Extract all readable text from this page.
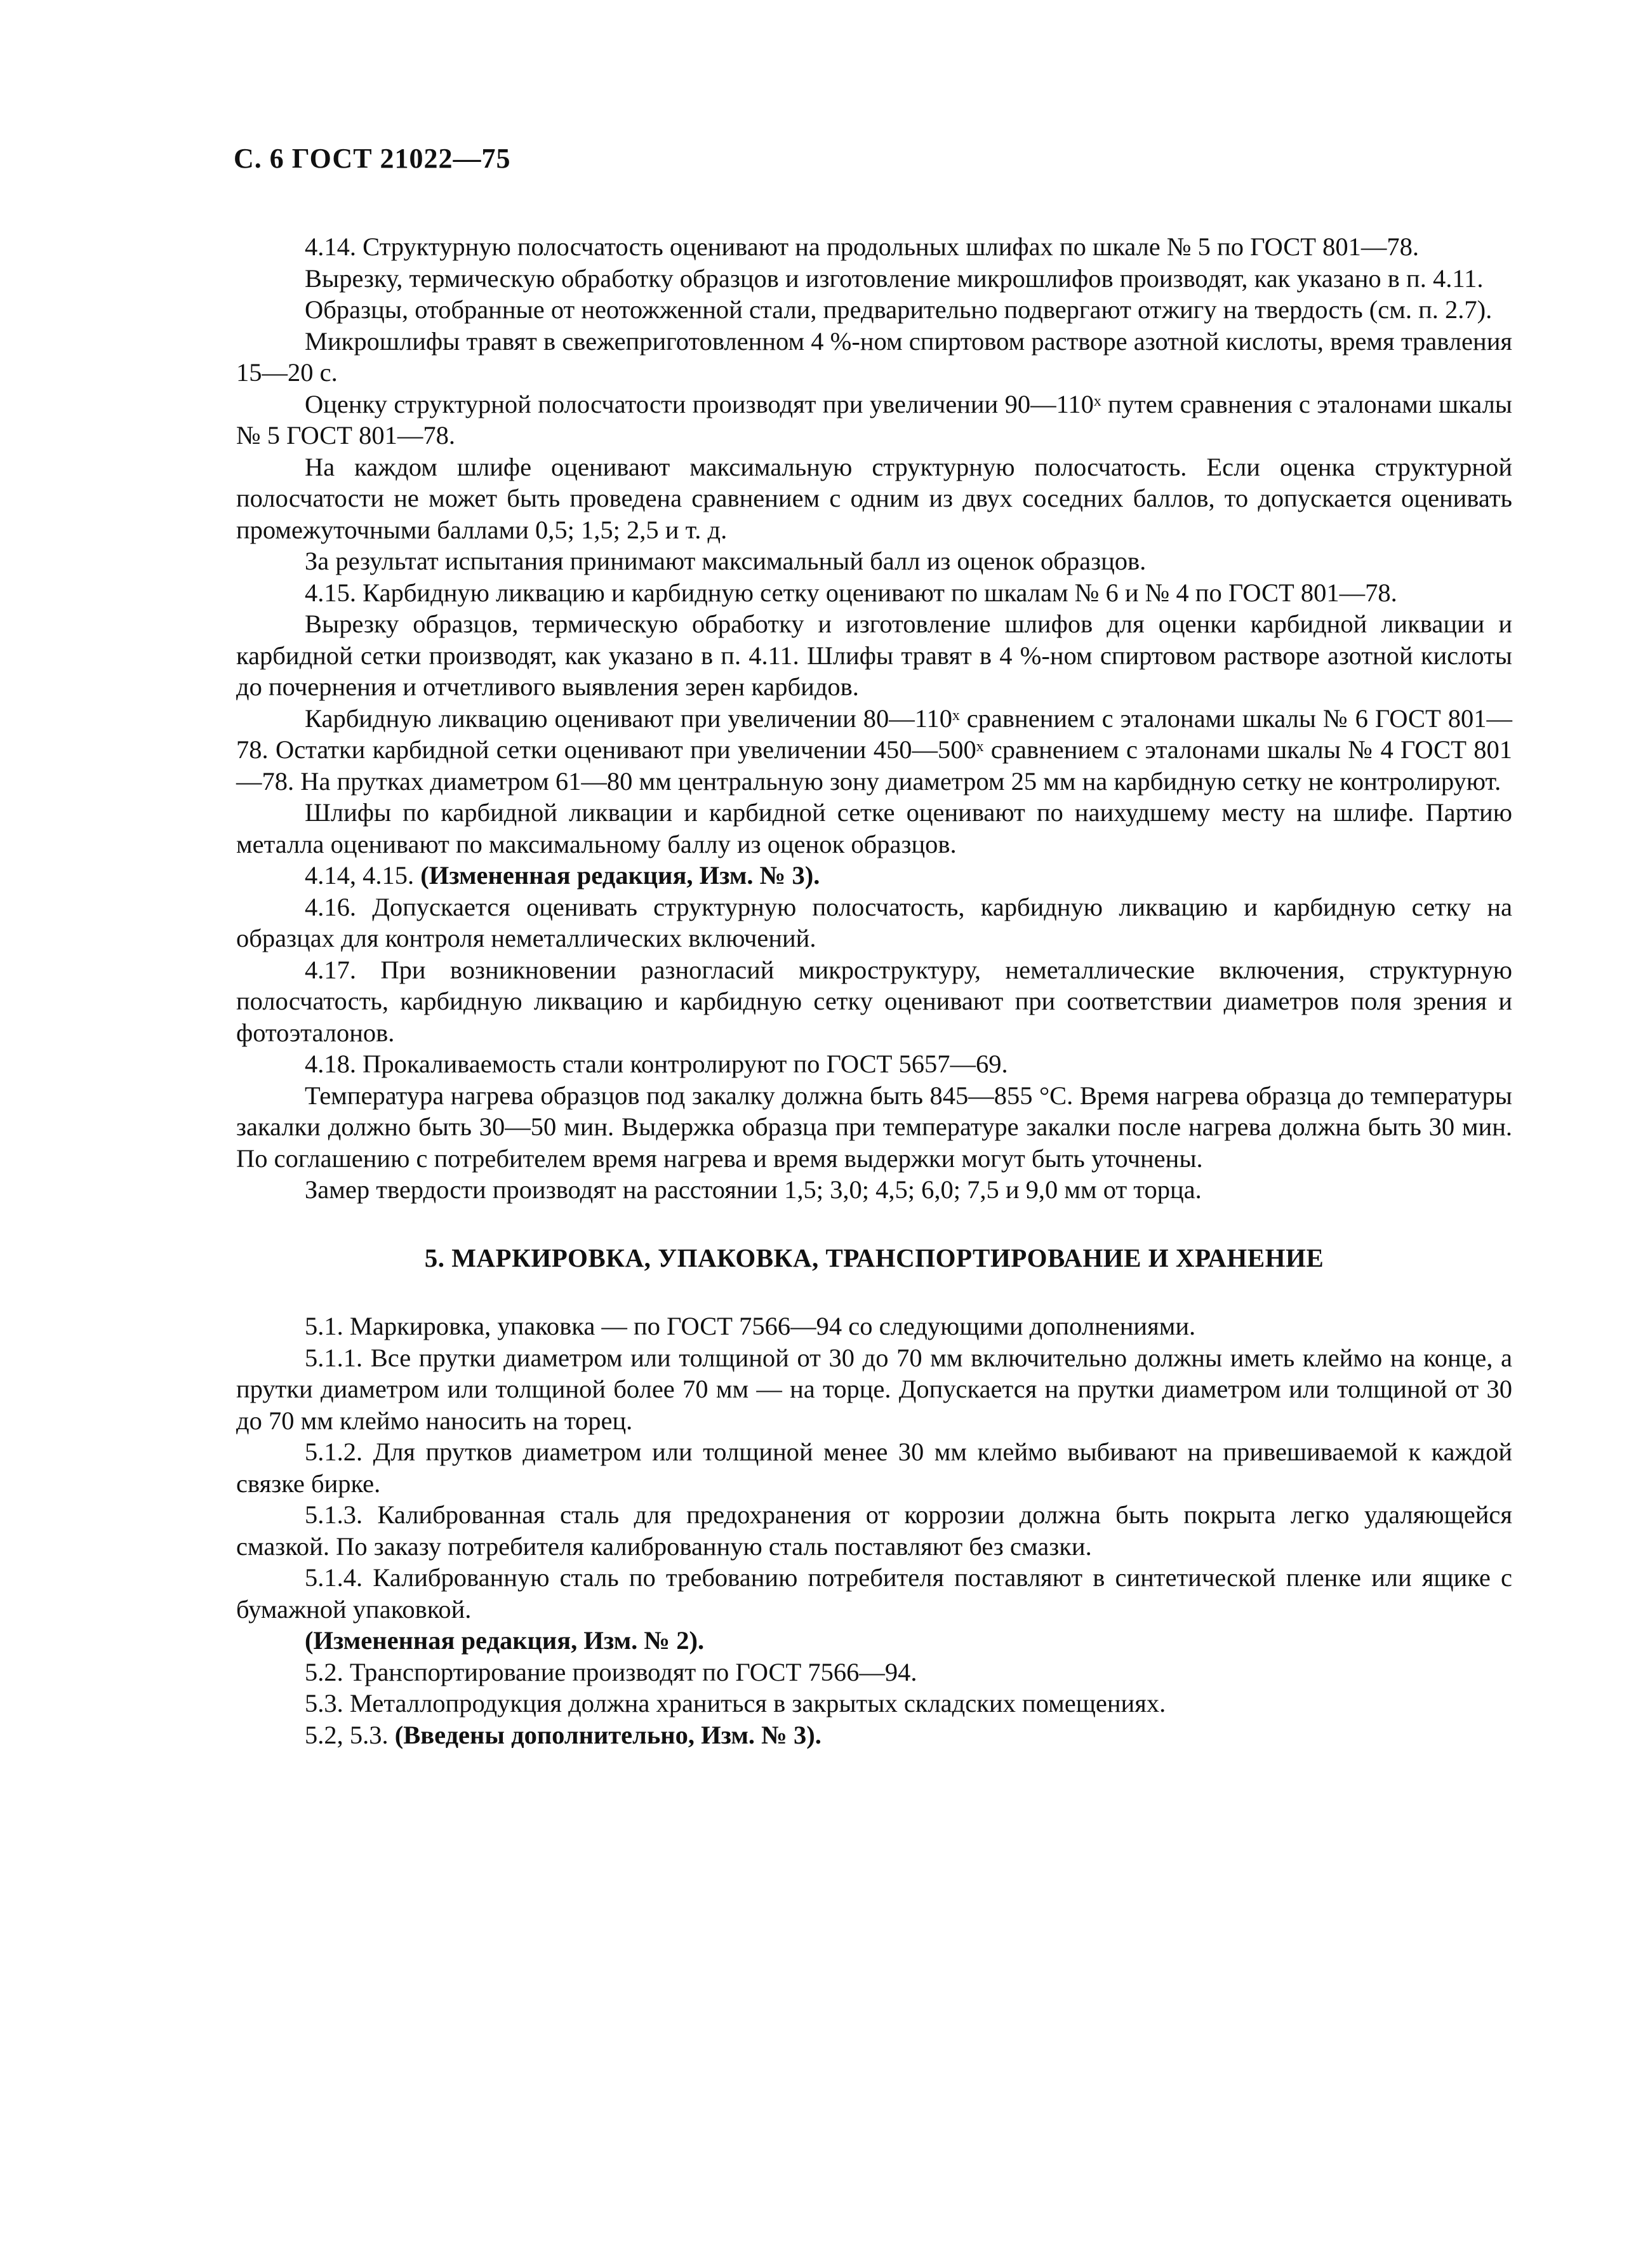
С. 6 ГОСТ 21022—75

4.14. Структурную полосчатость оценивают на продольных шлифах по шкале № 5 по ГОСТ 801—78.

Вырезку, термическую обработку образцов и изготовление микрошлифов производят, как указано в п. 4.11.

Образцы, отобранные от неотожженной стали, предварительно подвергают отжигу на твердость (см. п. 2.7).

Микрошлифы травят в свежеприготовленном 4 %-ном спиртовом растворе азотной кислоты, время травления 15—20 с.

Оценку структурной полосчатости производят при увеличении 90—110ˣ путем сравнения с эталонами шкалы № 5 ГОСТ 801—78.

На каждом шлифе оценивают максимальную структурную полосчатость. Если оценка структурной полосчатости не может быть проведена сравнением с одним из двух соседних баллов, то допускается оценивать промежуточными баллами 0,5; 1,5; 2,5 и т. д.

За результат испытания принимают максимальный балл из оценок образцов.

4.15. Карбидную ликвацию и карбидную сетку оценивают по шкалам № 6 и № 4 по ГОСТ 801—78.

Вырезку образцов, термическую обработку и изготовление шлифов для оценки карбидной ликвации и карбидной сетки производят, как указано в п. 4.11. Шлифы травят в 4 %-ном спиртовом растворе азотной кислоты до почернения и отчетливого выявления зерен карбидов.

Карбидную ликвацию оценивают при увеличении 80—110ˣ сравнением с эталонами шкалы № 6 ГОСТ 801—78. Остатки карбидной сетки оценивают при увеличении 450—500ˣ сравнением с эталонами шкалы № 4 ГОСТ 801—78. На прутках диаметром 61—80 мм центральную зону диаметром 25 мм на карбидную сетку не контролируют.

Шлифы по карбидной ликвации и карбидной сетке оценивают по наихудшему месту на шлифе. Партию металла оценивают по максимальному баллу из оценок образцов.

4.14, 4.15. (Измененная редакция, Изм. № 3).

4.16. Допускается оценивать структурную полосчатость, карбидную ликвацию и карбидную сетку на образцах для контроля неметаллических включений.

4.17. При возникновении разногласий микроструктуру, неметаллические включения, структурную полосчатость, карбидную ликвацию и карбидную сетку оценивают при соответствии диаметров поля зрения и фотоэталонов.

4.18. Прокаливаемость стали контролируют по ГОСТ 5657—69.

Температура нагрева образцов под закалку должна быть 845—855 °С. Время нагрева образца до температуры закалки должно быть 30—50 мин. Выдержка образца при температуре закалки после нагрева должна быть 30 мин. По соглашению с потребителем время нагрева и время выдержки могут быть уточнены.

Замер твердости производят на расстоянии 1,5; 3,0; 4,5; 6,0; 7,5 и 9,0 мм от торца.

5. МАРКИРОВКА, УПАКОВКА, ТРАНСПОРТИРОВАНИЕ И ХРАНЕНИЕ

5.1. Маркировка, упаковка — по ГОСТ 7566—94 со следующими дополнениями.

5.1.1. Все прутки диаметром или толщиной от 30 до 70 мм включительно должны иметь клеймо на конце, а прутки диаметром или толщиной более 70 мм — на торце. Допускается на прутки диаметром или толщиной от 30 до 70 мм клеймо наносить на торец.

5.1.2. Для прутков диаметром или толщиной менее 30 мм клеймо выбивают на привешиваемой к каждой связке бирке.

5.1.3. Калиброванная сталь для предохранения от коррозии должна быть покрыта легко удаляющейся смазкой. По заказу потребителя калиброванную сталь поставляют без смазки.

5.1.4. Калиброванную сталь по требованию потребителя поставляют в синтетической пленке или ящике с бумажной упаковкой.

(Измененная редакция, Изм. № 2).

5.2. Транспортирование производят по ГОСТ 7566—94.

5.3. Металлопродукция должна храниться в закрытых складских помещениях.

5.2, 5.3. (Введены дополнительно, Изм. № 3).
